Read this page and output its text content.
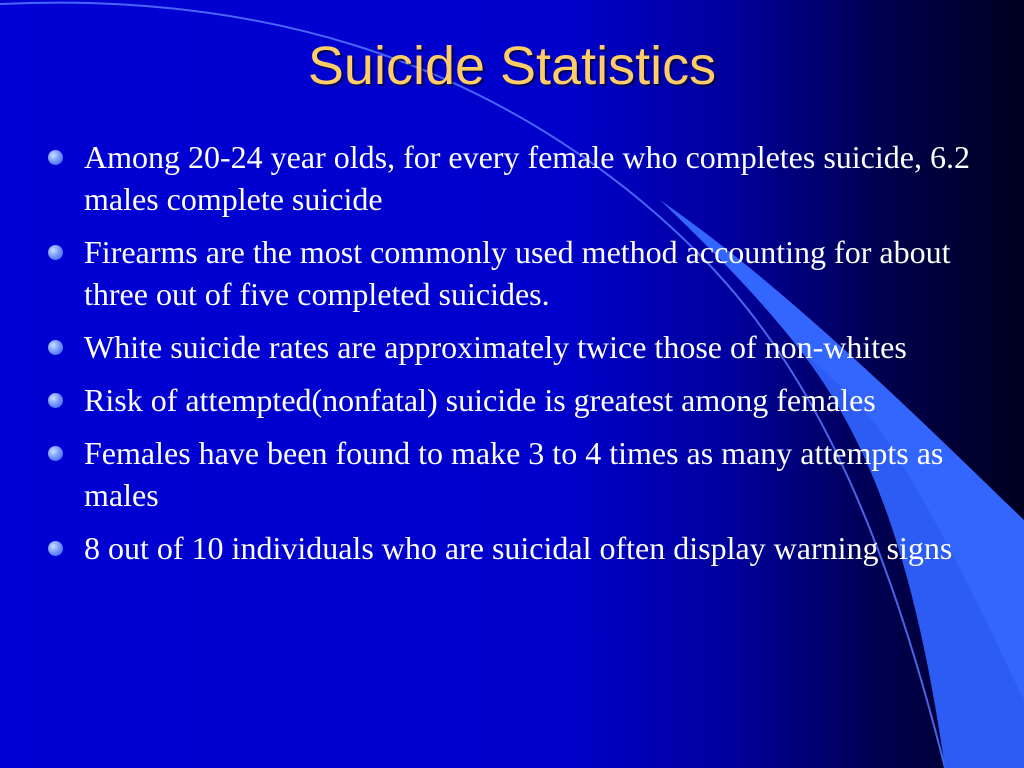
Suicide Statistics
Among 20-24 year olds, for every female who completes suicide, 6.2 males complete suicide
Firearms are the most commonly used method accounting for about three out of five completed suicides.
White suicide rates are approximately twice those of non-whites
Risk of attempted(nonfatal) suicide is greatest among females
Females have been found to make 3 to 4 times as many attempts as males
8 out of 10 individuals who are suicidal often display warning signs
